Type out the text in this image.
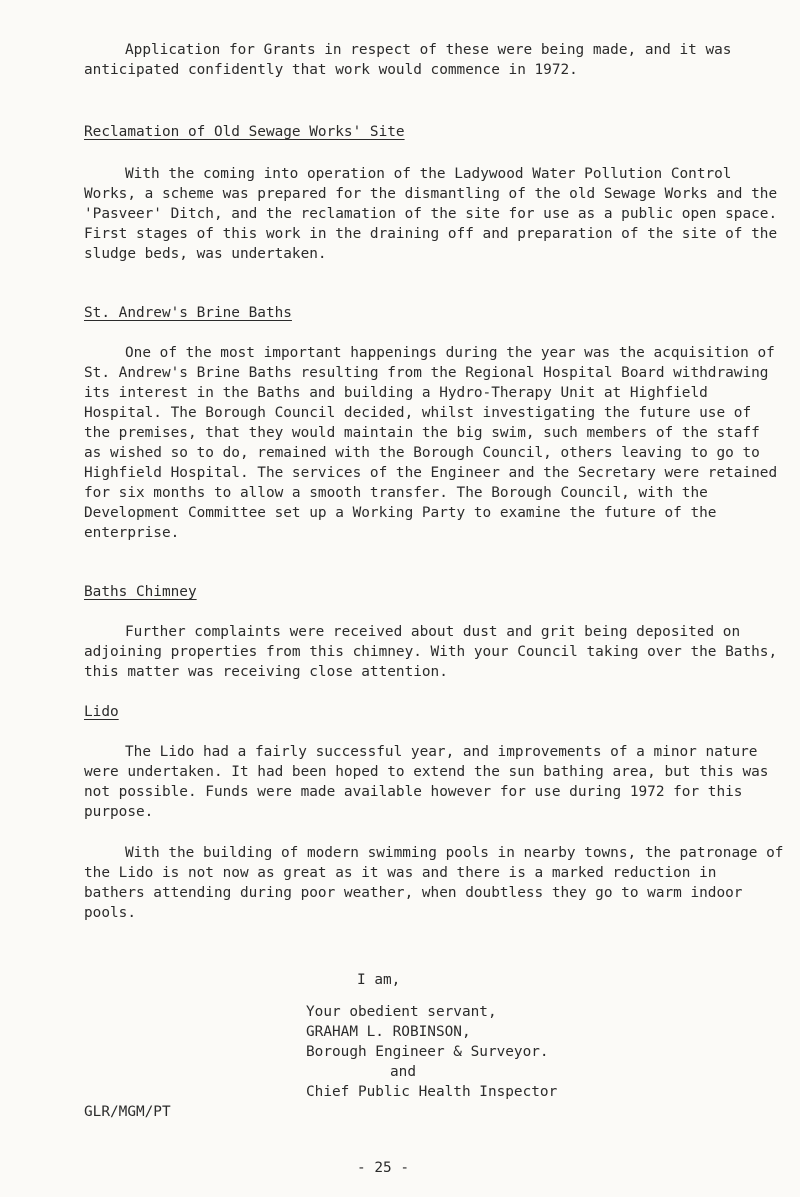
Application for Grants in respect of these were being made, and it was anticipated confidently that work would commence in 1972.

Reclamation of Old Sewage Works' Site

With the coming into operation of the Ladywood Water Pollution Control Works, a scheme was prepared for the dismantling of the old Sewage Works and the 'Pasveer' Ditch, and the reclamation of the site for use as a public open space. First stages of this work in the draining off and preparation of the site of the sludge beds, was undertaken.

St. Andrew's Brine Baths

One of the most important happenings during the year was the acquisition of St. Andrew's Brine Baths resulting from the Regional Hospital Board withdrawing its interest in the Baths and building a Hydro-Therapy Unit at Highfield Hospital. The Borough Council decided, whilst investigating the future use of the premises, that they would maintain the big swim, such members of the staff as wished so to do, remained with the Borough Council, others leaving to go to Highfield Hospital. The services of the Engineer and the Secretary were retained for six months to allow a smooth transfer. The Borough Council, with the Development Committee set up a Working Party to examine the future of the enterprise.

Baths Chimney

Further complaints were received about dust and grit being deposited on adjoining properties from this chimney. With your Council taking over the Baths, this matter was receiving close attention.

Lido

The Lido had a fairly successful year, and improvements of a minor nature were undertaken. It had been hoped to extend the sun bathing area, but this was not possible. Funds were made available however for use during 1972 for this purpose.

With the building of modern swimming pools in nearby towns, the patronage of the Lido is not now as great as it was and there is a marked reduction in bathers attending during poor weather, when doubtless they go to warm indoor pools.

I am,
Your obedient servant,
GRAHAM L. ROBINSON,
Borough Engineer & Surveyor.
and
Chief Public Health Inspector
GLR/MGM/PT
- 25 -
